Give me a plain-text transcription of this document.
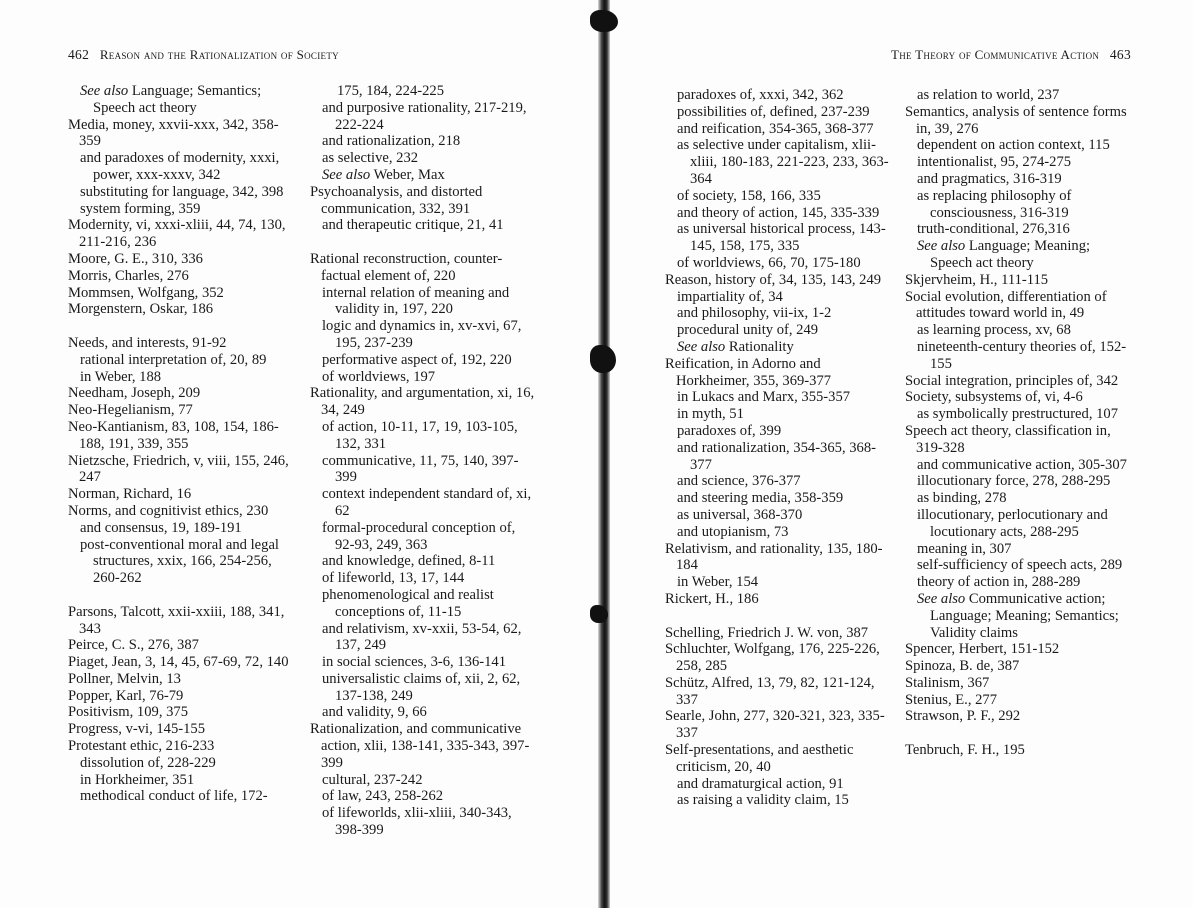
462 Reason and the Rationalization of Society
See also Language; Semantics; Speech act theory
Media, money, xxvii-xxx, 342, 358-359
and paradoxes of modernity, xxxi, power, xxx-xxxv, 342
substituting for language, 342, 398
system forming, 359
Modernity, vi, xxxi-xliii, 44, 74, 130, 211-216, 236
Moore, G. E., 310, 336
Morris, Charles, 276
Mommsen, Wolfgang, 352
Morgenstern, Oskar, 186
Needs, and interests, 91-92
rational interpretation of, 20, 89
in Weber, 188
Needham, Joseph, 209
Neo-Hegelianism, 77
Neo-Kantianism, 83, 108, 154, 186-188, 191, 339, 355
Nietzsche, Friedrich, v, viii, 155, 246, 247
Norman, Richard, 16
Norms, and cognitivist ethics, 230
and consensus, 19, 189-191
post-conventional moral and legal structures, xxix, 166, 254-256, 260-262
Parsons, Talcott, xxii-xxiii, 188, 341, 343
Peirce, C. S., 276, 387
Piaget, Jean, 3, 14, 45, 67-69, 72, 140
Pollner, Melvin, 13
Popper, Karl, 76-79
Positivism, 109, 375
Progress, v-vi, 145-155
Protestant ethic, 216-233
dissolution of, 228-229
in Horkheimer, 351
methodical conduct of life, 172-
175, 184, 224-225
and purposive rationality, 217-219, 222-224
and rationalization, 218
as selective, 232
See also Weber, Max
Psychoanalysis, and distorted communication, 332, 391
and therapeutic critique, 21, 41
Rational reconstruction, counter-factual element of, 220
internal relation of meaning and validity in, 197, 220
logic and dynamics in, xv-xvi, 67, 195, 237-239
performative aspect of, 192, 220
of worldviews, 197
Rationality, and argumentation, xi, 16, 34, 249
of action, 10-11, 17, 19, 103-105, 132, 331
communicative, 11, 75, 140, 397-399
context independent standard of, xi, 62
formal-procedural conception of, 92-93, 249, 363
and knowledge, defined, 8-11
of lifeworld, 13, 17, 144
phenomenological and realist conceptions of, 11-15
and relativism, xv-xxii, 53-54, 62, 137, 249
in social sciences, 3-6, 136-141
universalistic claims of, xii, 2, 62, 137-138, 249
and validity, 9, 66
Rationalization, and communicative action, xlii, 138-141, 335-343, 397-399
cultural, 237-242
of law, 243, 258-262
of lifeworlds, xlii-xliii, 340-343, 398-399
The Theory of Communicative Action 463
paradoxes of, xxxi, 342, 362
possibilities of, defined, 237-239
and reification, 354-365, 368-377
as selective under capitalism, xlii-xliii, 180-183, 221-223, 233, 363-364
of society, 158, 166, 335
and theory of action, 145, 335-339
as universal historical process, 143-145, 158, 175, 335
of worldviews, 66, 70, 175-180
Reason, history of, 34, 135, 143, 249
impartiality of, 34
and philosophy, vii-ix, 1-2
procedural unity of, 249
See also Rationality
Reification, in Adorno and Horkheimer, 355, 369-377
in Lukacs and Marx, 355-357
in myth, 51
paradoxes of, 399
and rationalization, 354-365, 368-377
and science, 376-377
and steering media, 358-359
as universal, 368-370
and utopianism, 73
Relativism, and rationality, 135, 180-184
in Weber, 154
Rickert, H., 186
Schelling, Friedrich J. W. von, 387
Schluchter, Wolfgang, 176, 225-226, 258, 285
Schütz, Alfred, 13, 79, 82, 121-124, 337
Searle, John, 277, 320-321, 323, 335-337
Self-presentations, and aesthetic criticism, 20, 40
and dramaturgical action, 91
as raising a validity claim, 15
as relation to world, 237
Semantics, analysis of sentence forms in, 39, 276
dependent on action context, 115
intentionalist, 95, 274-275
and pragmatics, 316-319
as replacing philosophy of consciousness, 316-319
truth-conditional, 276,316
See also Language; Meaning; Speech act theory
Skjervheim, H., 111-115
Social evolution, differentiation of attitudes toward world in, 49
as learning process, xv, 68
nineteenth-century theories of, 152-155
Social integration, principles of, 342
Society, subsystems of, vi, 4-6
as symbolically prestructured, 107
Speech act theory, classification in, 319-328
and communicative action, 305-307
illocutionary force, 278, 288-295
as binding, 278
illocutionary, perlocutionary and locutionary acts, 288-295
meaning in, 307
self-sufficiency of speech acts, 289
theory of action in, 288-289
See also Communicative action; Language; Meaning; Semantics; Validity claims
Spencer, Herbert, 151-152
Spinoza, B. de, 387
Stalinism, 367
Stenius, E., 277
Strawson, P. F., 292
Tenbruch, F. H., 195
